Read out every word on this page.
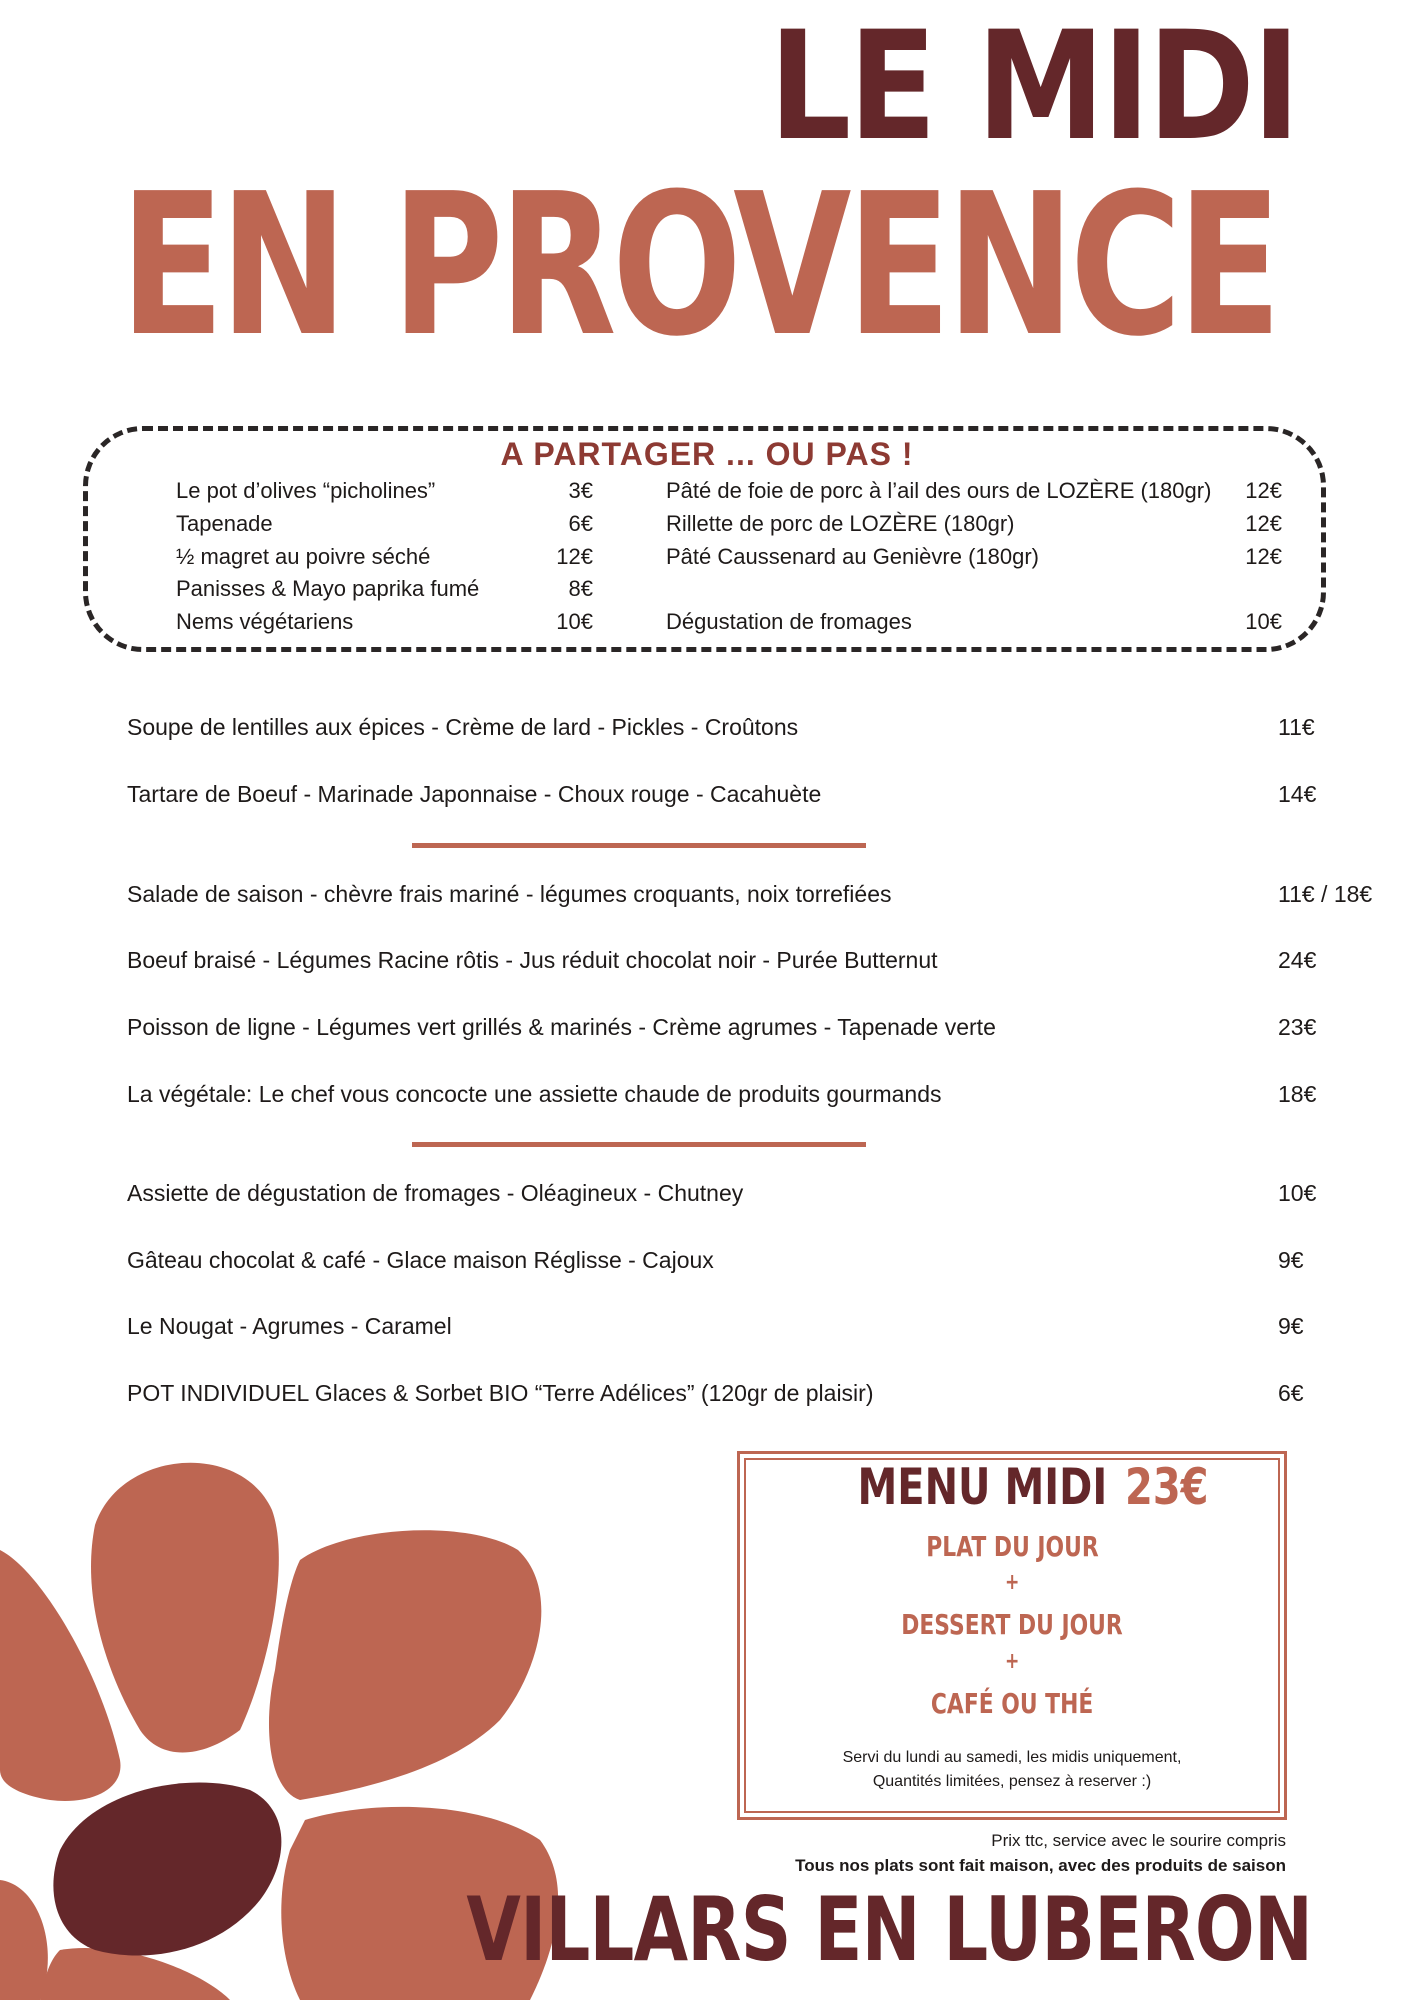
LE MIDI
EN PROVENCE
A PARTAGER ... OU PAS !
Le pot d’olives “picholines”	3€
Tapenade	6€
½ magret au poivre séché	12€
Panisses & Mayo paprika fumé	8€
Nems végétariens	10€
Pâté de foie de porc à l’ail des ours de LOZÈRE (180gr)	12€
Rillette de porc de LOZÈRE (180gr)	12€
Pâté Caussenard au Genièvre (180gr)	12€
Dégustation de fromages	10€
Soupe de lentilles aux épices - Crème de lard - Pickles - Croûtons	11€
Tartare de Boeuf - Marinade Japonnaise - Choux rouge - Cacahuète	14€
Salade de saison - chèvre frais mariné - légumes croquants, noix torrefiées	11€ / 18€
Boeuf braisé - Légumes Racine rôtis - Jus réduit chocolat noir - Purée Butternut	24€
Poisson de ligne - Légumes vert grillés & marinés - Crème agrumes - Tapenade verte	23€
La végétale: Le chef vous concocte une assiette chaude de produits gourmands	18€
Assiette de dégustation de fromages - Oléagineux - Chutney	10€
Gâteau chocolat & café - Glace maison Réglisse - Cajoux	9€
Le Nougat - Agrumes - Caramel	9€
POT INDIVIDUEL Glaces & Sorbet BIO “Terre Adélices” (120gr de plaisir)	6€
MENU MIDI 23€
PLAT DU JOUR
+
DESSERT DU JOUR
+
CAFÉ OU THÉ
Servi du lundi au samedi, les midis uniquement,
Quantités limitées, pensez à reserver :)
Prix ttc, service avec le sourire compris
Tous nos plats sont fait maison, avec des produits de saison
VILLARS EN LUBERON
